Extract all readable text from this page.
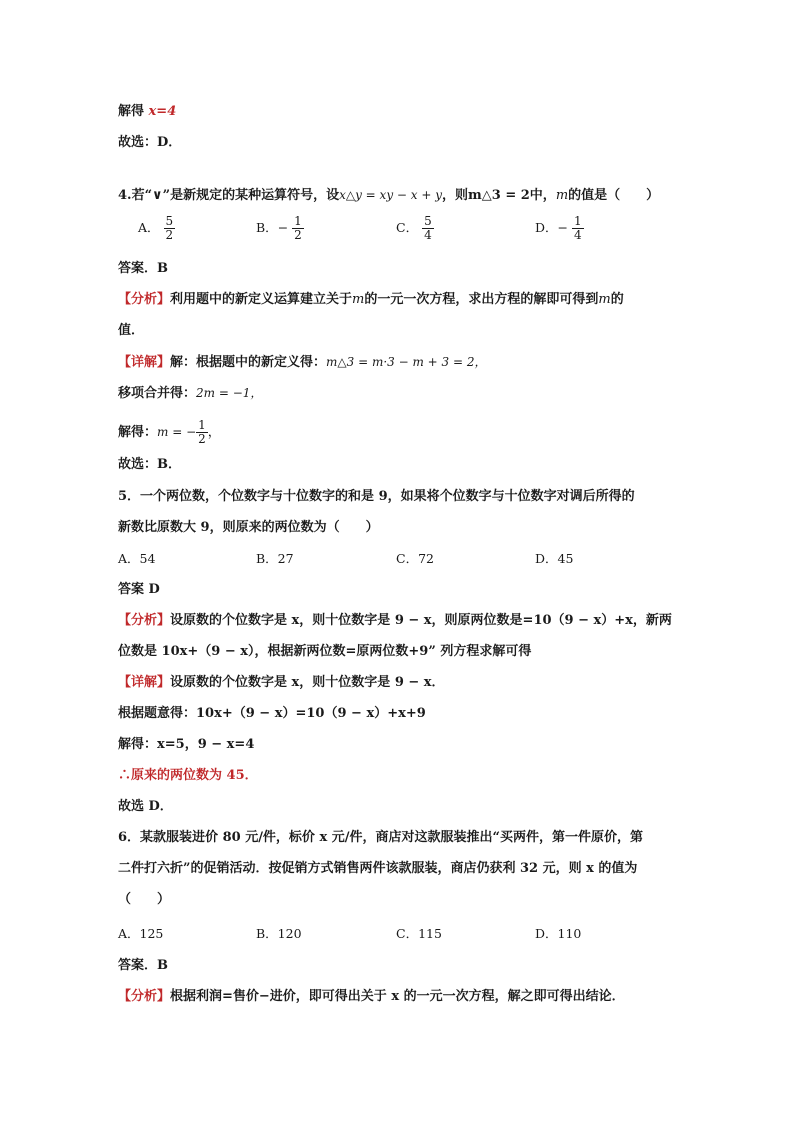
解得 x=4
故选：D．
4.若“∨”是新规定的某种运算符号，设x△y = xy − x + y，则m△3 = 2中，m的值是（　　）
A． $\frac{5}{2}$	B．− $\frac{1}{2}$	C． $\frac{5}{4}$	D．− $\frac{1}{4}$
答案．B
【分析】利用题中的新定义运算建立关于m的一元一次方程，求出方程的解即可得到m的
值．
【详解】解：根据题中的新定义得：m△3 = m·3 − m + 3 = 2，
移项合并得：2m = −1，
解得：m = − $\frac{1}{2}$ ，
故选：B．
5．一个两位数，个位数字与十位数字的和是 9，如果将个位数字与十位数字对调后所得的
新数比原数大 9，则原来的两位数为（　　）
A．54	B．27	C．72	D．45
答案 D
【分析】设原数的个位数字是 x，则十位数字是 9 − x，则原两位数是=10（9 − x）+x，新两
位数是 10x+（9 − x），根据新两位数=原两位数+9” 列方程求解可得
【详解】设原数的个位数字是 x，则十位数字是 9 − x．
根据题意得：10x+（9 − x）=10（9 − x）+x+9
解得：x=5，9 − x=4
∴原来的两位数为 45．
故选 D．
6．某款服装进价 80 元/件，标价 x 元/件，商店对这款服装推出“买两件，第一件原价，第
二件打六折”的促销活动．按促销方式销售两件该款服装，商店仍获利 32 元，则 x 的值为
（　　）
A．125	B．120	C．115	D．110
答案．B
【分析】根据利润=售价−进价，即可得出关于 x 的一元一次方程，解之即可得出结论．
